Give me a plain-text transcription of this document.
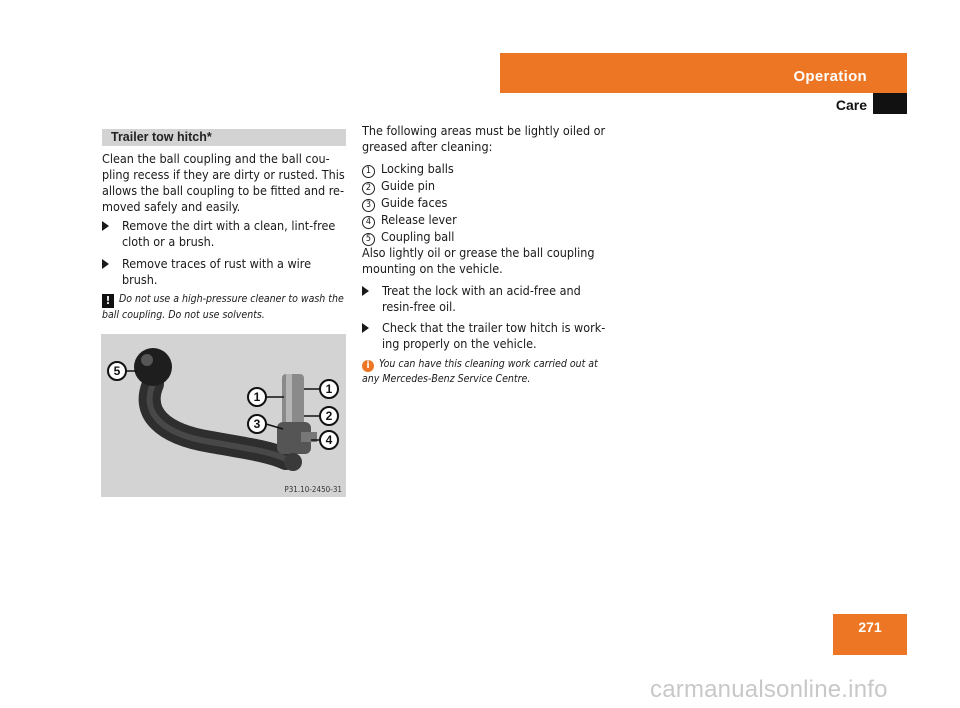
Operation
Care
Trailer tow hitch*
Clean the ball coupling and the ball cou-pling recess if they are dirty or rusted. This allows the ball coupling to be fitted and re-moved safely and easily.
Remove the dirt with a clean, lint-free cloth or a brush.
Remove traces of rust with a wire brush.
! Do not use a high-pressure cleaner to wash the ball coupling. Do not use solvents.
5
1
3
1
2
4
P31.10-2450-31
The following areas must be lightly oiled or greased after cleaning:
1 Locking balls
2 Guide pin
3 Guide faces
4 Release lever
5 Coupling ball
Also lightly oil or grease the ball coupling mounting on the vehicle.
Treat the lock with an acid-free and resin-free oil.
Check that the trailer tow hitch is work-ing properly on the vehicle.
i You can have this cleaning work carried out at any Mercedes-Benz Service Centre.
271
carmanualsonline.info
